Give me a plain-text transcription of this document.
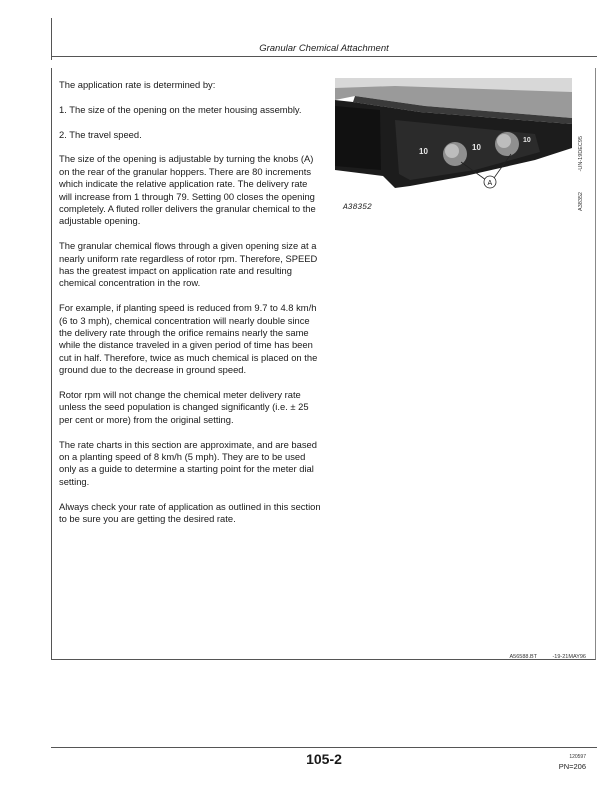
Granular Chemical Attachment

The application rate is determined by:

1. The size of the opening on the meter housing assembly.

2. The travel speed.

The size of the opening is adjustable by turning the knobs (A) on the rear of the granular hoppers. There are 80 increments which indicate the relative application rate. The delivery rate will increase from 1 through 79. Setting 00 closes the opening completely. A fluted roller delivers the granular chemical to the adjustable opening.

The granular chemical flows through a given opening size at a nearly uniform rate regardless of rotor rpm. Therefore, SPEED has the greatest impact on application rate and resulting chemical concentration in the row.

For example, if planting speed is reduced from 9.7 to 4.8 km/h (6 to 3 mph), chemical concentration will nearly double since the delivery rate through the orifice remains nearly the same while the distance traveled in a given period of time has been cut in half. Therefore, twice as much chemical is placed on the ground due to the decrease in ground speed.

Rotor rpm will not change the chemical meter delivery rate unless the seed population is changed significantly (i.e. ± 25 per cent or more) from the original setting.

The rate charts in this section are approximate, and are based on a planting speed of 8 km/h (5 mph). They are to be used only as a guide to determine a starting point for the meter dial setting.

Always check your rate of application as outlined in this section to be sure you are getting the desired rate.

10	10
10
A
A38352
-UN-19DEC95
A38352
A56588.BT	-19-21MAY96
105-2	120597
PN=206
